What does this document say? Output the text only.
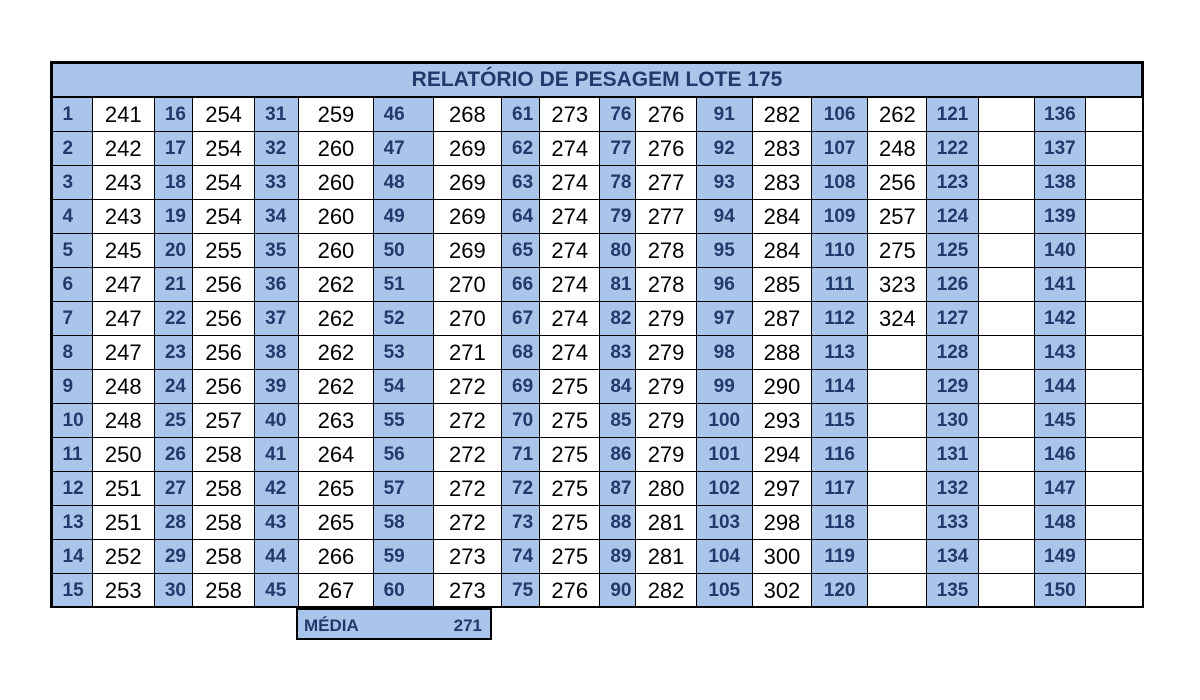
RELATÓRIO DE PESAGEM LOTE 175																			
1	241	16	254	31	259	46	268	61	273	76	276	91	282	106	262	121		136	
2	242	17	254	32	260	47	269	62	274	77	276	92	283	107	248	122		137	
3	243	18	254	33	260	48	269	63	274	78	277	93	283	108	256	123		138	
4	243	19	254	34	260	49	269	64	274	79	277	94	284	109	257	124		139	
5	245	20	255	35	260	50	269	65	274	80	278	95	284	110	275	125		140	
6	247	21	256	36	262	51	270	66	274	81	278	96	285	111	323	126		141	
7	247	22	256	37	262	52	270	67	274	82	279	97	287	112	324	127		142	
8	247	23	256	38	262	53	271	68	274	83	279	98	288	113		128		143	
9	248	24	256	39	262	54	272	69	275	84	279	99	290	114		129		144	
10	248	25	257	40	263	55	272	70	275	85	279	100	293	115		130		145	
11	250	26	258	41	264	56	272	71	275	86	279	101	294	116		131		146	
12	251	27	258	42	265	57	272	72	275	87	280	102	297	117		132		147	
13	251	28	258	43	265	58	272	73	275	88	281	103	298	118		133		148	
14	252	29	258	44	266	59	273	74	275	89	281	104	300	119		134		149	
15	253	30	258	45	267	60	273	75	276	90	282	105	302	120		135		150	
MÉDIA	271
